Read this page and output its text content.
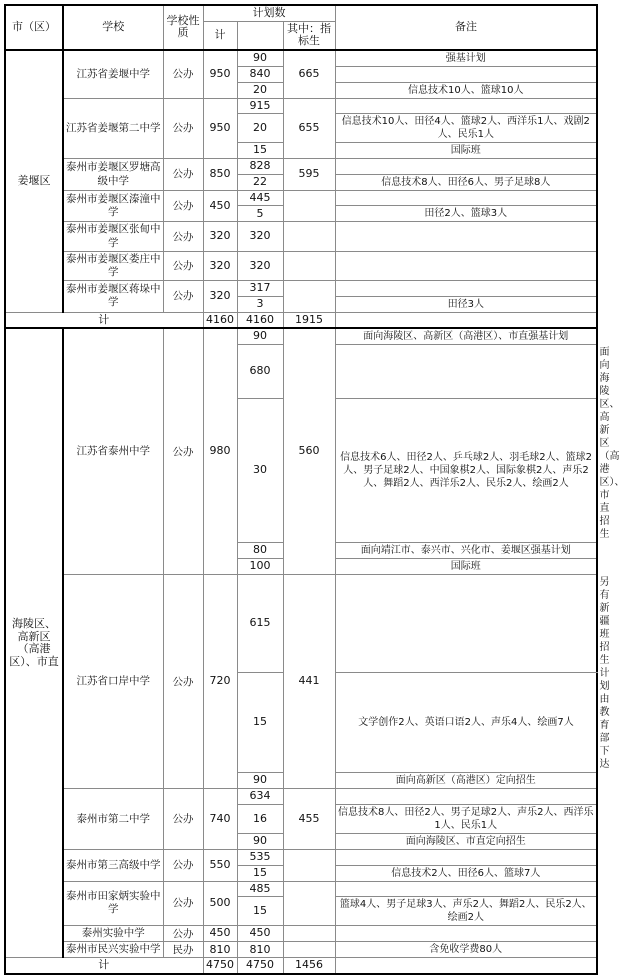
市（区）	学校	学校性质	计划数			备注	
			计		其中：指标生		
姜堰区	江苏省姜堰中学	公办	950	90	665	强基计划	
				840			
				20		信息技术10人、篮球10人	
	江苏省姜堰第二中学	公办	950	915	655		
				20		信息技术10人、田径4人、篮球2人、西洋乐1人、戏剧2人、民乐1人	
				15		国际班	
	泰州市姜堰区罗塘高级中学	公办	850	828	595		
				22		信息技术8人、田径6人、男子足球8人	
	泰州市姜堰区溱潼中学	公办	450	445			
				5		田径2人、篮球3人	
	泰州市姜堰区张甸中学	公办	320	320			
	泰州市姜堰区娄庄中学	公办	320	320			
	泰州市姜堰区蒋垛中学	公办	320	317			
				3		田径3人	
计			4160	4160	1915		
海陵区、高新区（高港区）、市直	江苏省泰州中学	公办	980	90	560	面向海陵区、高新区（高港区）、市直强基计划	
				680			面向海陵区、高新区（高港区）、市直招生
				30		信息技术6人、田径2人、乒乓球2人、羽毛球2人、篮球2人、男子足球2人、中国象棋2人、国际象棋2人、声乐2人、舞蹈2人、西洋乐2人、民乐2人、绘画2人	
				80		面向靖江市、泰兴市、兴化市、姜堰区强基计划	
				100		国际班	
	江苏省口岸中学	公办	720	615	441		另有新疆班招生计划由教育部下达
				15		文学创作2人、英语口语2人、声乐4人、绘画7人	
				90		面向高新区（高港区）定向招生	
	泰州市第二中学	公办	740	634	455		
				16		信息技术8人、田径2人、男子足球2人、声乐2人、西洋乐1人、民乐1人	
				90		面向海陵区、市直定向招生	
	泰州市第三高级中学	公办	550	535			
				15		信息技术2人、田径6人、篮球7人	
	泰州市田家炳实验中学	公办	500	485			
				15		篮球4人、男子足球3人、声乐2人、舞蹈2人、民乐2人、绘画2人	
	泰州实验中学	公办	450	450			
	泰州市民兴实验中学	民办	810	810		含免收学费80人	
计			4750	4750	1456		
